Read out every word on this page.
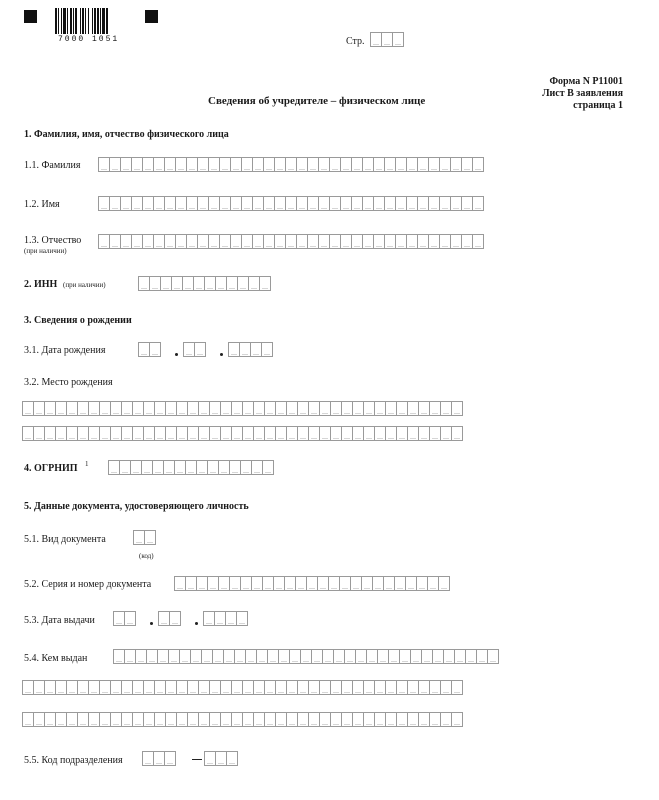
7000 1051	Стр.
Форма N Р11001
Лист В заявления
страница 1
Сведения об учредителе – физическом лице
1. Фамилия, имя, отчество физического лица
1.1. Фамилия
1.2. Имя
1.3. Отчество
(при наличии)
2. ИНН (при наличии)
3. Сведения о рождении
3.1. Дата рождения
3.2. Место рождения
4. ОГРНИП 1
5. Данные документа, удостоверяющего личность
5.1. Вид документа
(код)
5.2. Серия и номер документа
5.3. Дата выдачи
5.4. Кем выдан
5.5. Код подразделения
